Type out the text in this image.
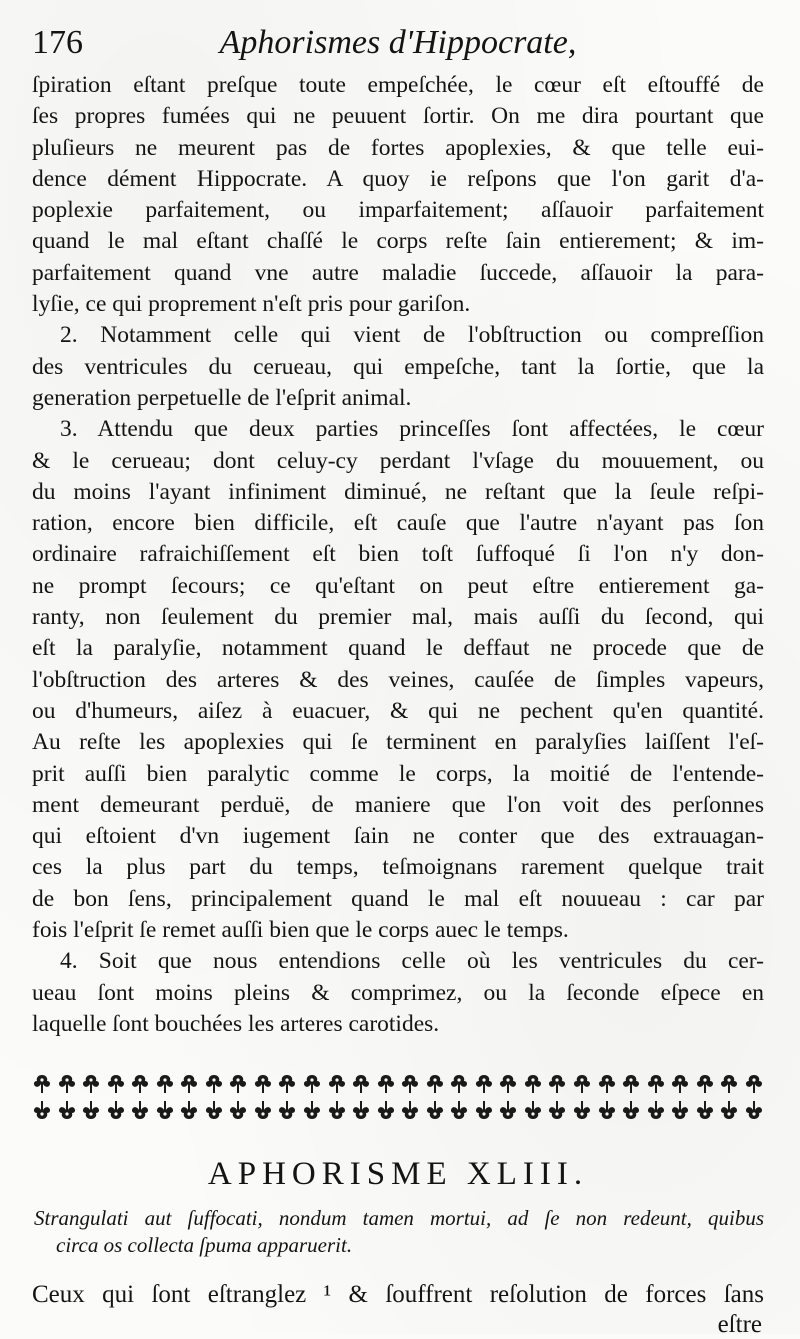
176	Aphorismes d'Hippocrate,
ſpiration eſtant preſque toute empeſchée, le cœur eſt eſtouffé de
ſes propres fumées qui ne peuuent ſortir. On me dira pourtant que
pluſieurs ne meurent pas de fortes apoplexies, & que telle eui-
dence dément Hippocrate. A quoy ie reſpons que l'on garit d'a-
poplexie parfaitement, ou imparfaitement; aſſauoir parfaitement
quand le mal eſtant chaſſé le corps reſte ſain entierement; & im-
parfaitement quand vne autre maladie ſuccede, aſſauoir la para-
lyſie, ce qui proprement n'eſt pris pour gariſon.
2. Notamment celle qui vient de l'obſtruction ou compreſſion
des ventricules du cerueau, qui empeſche, tant la ſortie, que la
generation perpetuelle de l'eſprit animal.
3. Attendu que deux parties princeſſes ſont affectées, le cœur
& le cerueau; dont celuy-cy perdant l'vſage du mouuement, ou
du moins l'ayant infiniment diminué, ne reſtant que la ſeule reſpi-
ration, encore bien difficile, eſt cauſe que l'autre n'ayant pas ſon
ordinaire rafraichiſſement eſt bien toſt ſuffoqué ſi l'on n'y don-
ne prompt ſecours; ce qu'eſtant on peut eſtre entierement ga-
ranty, non ſeulement du premier mal, mais auſſi du ſecond, qui
eſt la paralyſie, notamment quand le deffaut ne procede que de
l'obſtruction des arteres & des veines, cauſée de ſimples vapeurs,
ou d'humeurs, aiſez à euacuer, & qui ne pechent qu'en quantité.
Au reſte les apoplexies qui ſe terminent en paralyſies laiſſent l'eſ-
prit auſſi bien paralytic comme le corps, la moitié de l'entende-
ment demeurant perduë, de maniere que l'on voit des perſonnes
qui eſtoient d'vn iugement ſain ne conter que des extrauagan-
ces la plus part du temps, teſmoignans rarement quelque trait
de bon ſens, principalement quand le mal eſt nouueau : car par
fois l'eſprit ſe remet auſſi bien que le corps auec le temps.
4. Soit que nous entendions celle où les ventricules du cer-
ueau ſont moins pleins & comprimez, ou la ſeconde eſpece en
laquelle ſont bouchées les arteres carotides.
APHORISME XLIII.
Strangulati aut ſuffocati, nondum tamen mortui, ad ſe non redeunt, quibus
circa os collecta ſpuma apparuerit.
Ceux qui ſont eſtranglez ¹ & ſouffrent reſolution de forces ſans
eſtre
